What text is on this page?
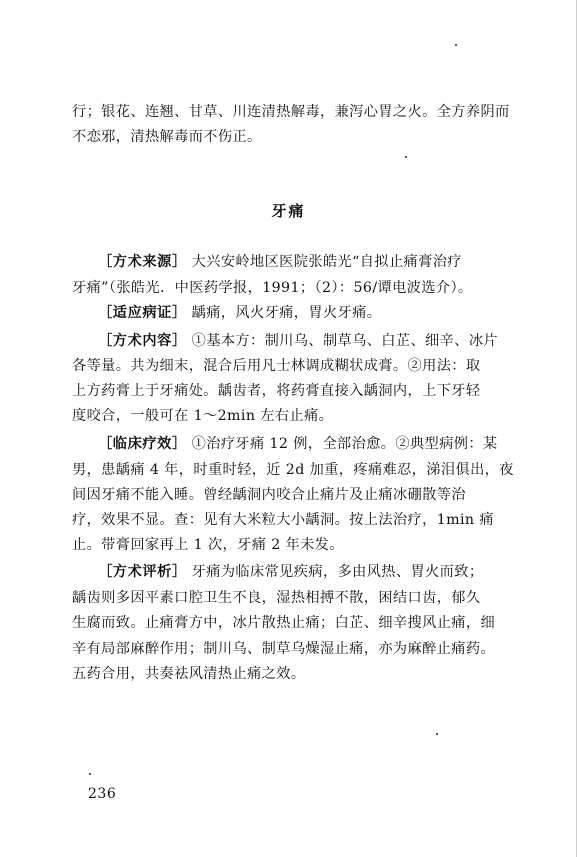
行；银花、连翘、甘草、川连清热解毒，兼泻心胃之火。全方养阴而
不恋邪，清热解毒而不伤正。
牙痛
［方术来源］ 大兴安岭地区医院张皓光“自拟止痛膏治疗
牙痛”（张皓光．中医药学报，1991；（2）：56/谭电波选介）。
［适应病证］ 龋痛，风火牙痛，胃火牙痛。
［方术内容］ ①基本方：制川乌、制草乌、白芷、细辛、冰片
各等量。共为细末，混合后用凡士林调成糊状成膏。②用法：取
上方药膏上于牙痛处。龋齿者，将药膏直接入龋洞内，上下牙轻
度咬合，一般可在 1～2min 左右止痛。
［临床疗效］ ①治疗牙痛 12 例，全部治愈。②典型病例：某
男，患龋痛 4 年，时重时轻，近 2d 加重，疼痛难忍，涕泪俱出，夜
间因牙痛不能入睡。曾经龋洞内咬合止痛片及止痛冰硼散等治
疗，效果不显。查：见有大米粒大小龋洞。按上法治疗，1min 痛
止。带膏回家再上 1 次，牙痛 2 年未发。
［方术评析］ 牙痛为临床常见疾病，多由风热、胃火而致；
龋齿则多因平素口腔卫生不良，湿热相搏不散，困结口齿，郁久
生腐而致。止痛膏方中，冰片散热止痛；白芷、细辛搜风止痛，细
辛有局部麻醉作用；制川乌、制草乌燥湿止痛，亦为麻醉止痛药。
五药合用，共奏祛风清热止痛之效。
236
